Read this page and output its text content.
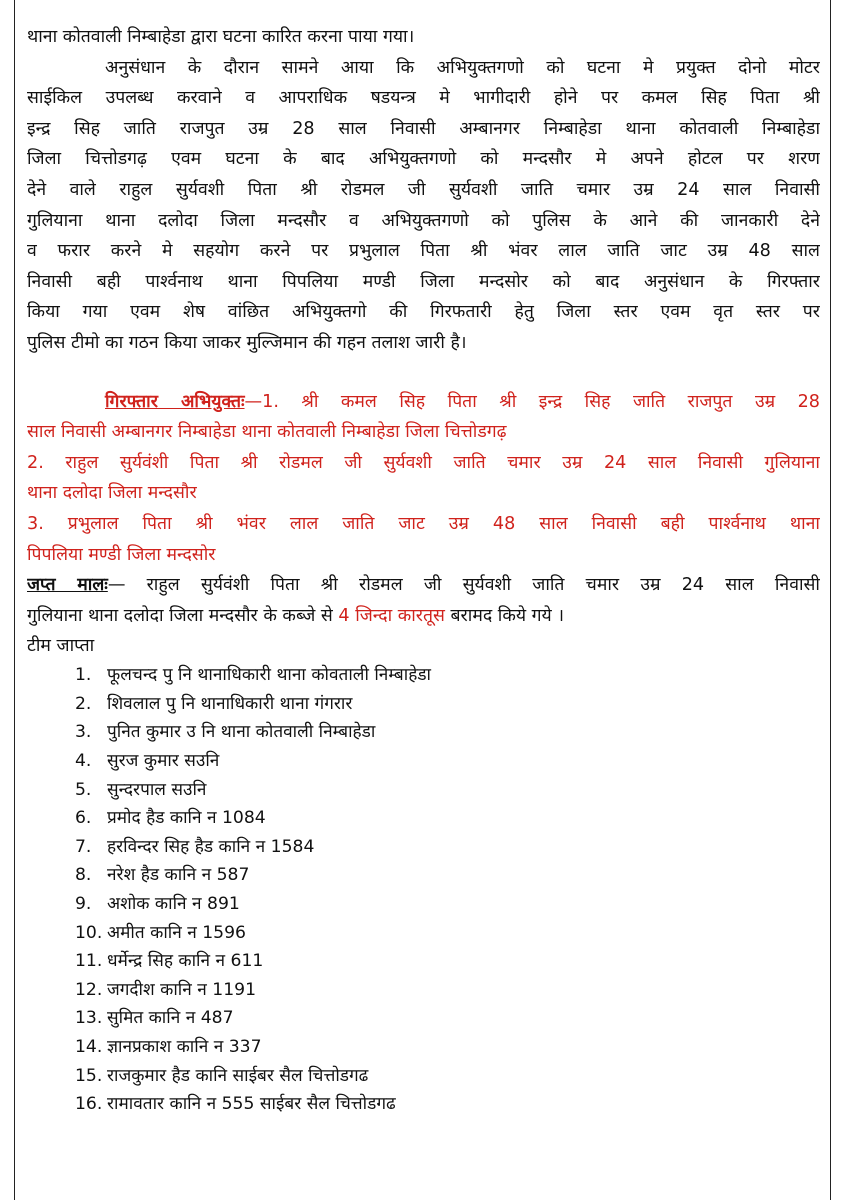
थाना कोतवाली निम्बाहेडा द्वारा घटना कारित करना पाया गया।
अनुसंधान के दौरान सामने आया कि अभियुक्तगणो को घटना मे प्रयुक्त दोनो मोटर
साईकिल उपलब्ध करवाने व आपराधिक षडयन्त्र मे भागीदारी होने पर कमल सिह पिता श्री
इन्द्र सिह जाति राजपुत उम्र 28 साल निवासी अम्बानगर निम्बाहेडा थाना कोतवाली निम्बाहेडा
जिला चित्तोडगढ़ एवम घटना के बाद अभियुक्तगणो को मन्दसौर मे अपने होटल पर शरण
देने वाले राहुल सुर्यवशी पिता श्री रोडमल जी सुर्यवशी जाति चमार उम्र 24 साल निवासी
गुलियाना थाना दलोदा जिला मन्दसौर व अभियुक्तगणो को पुलिस के आने की जानकारी देने
व फरार करने मे सहयोग करने पर प्रभुलाल पिता श्री भंवर लाल जाति जाट उम्र 48 साल
निवासी बही पार्श्वनाथ थाना पिपलिया मण्डी जिला मन्दसोर को बाद अनुसंधान के गिरफ्तार
किया गया एवम शेष वांछित अभियुक्तगो की गिरफतारी हेतु जिला स्तर एवम वृत स्तर पर
पुलिस टीमो का गठन किया जाकर मुल्जिमान की गहन तलाश जारी है।
गिरफ्तार अभियुक्तः—1. श्री कमल सिह पिता श्री इन्द्र सिह जाति राजपुत उम्र 28
साल निवासी अम्बानगर निम्बाहेडा थाना कोतवाली निम्बाहेडा जिला चित्तोडगढ़
2. राहुल सुर्यवंशी पिता श्री रोडमल जी सुर्यवशी जाति चमार उम्र 24 साल निवासी गुलियाना
थाना दलोदा जिला मन्दसौर
3. प्रभुलाल पिता श्री भंवर लाल जाति जाट उम्र 48 साल निवासी बही पार्श्वनाथ थाना
पिपलिया मण्डी जिला मन्दसोर
जप्त मालः— राहुल सुर्यवंशी पिता श्री रोडमल जी सुर्यवशी जाति चमार उम्र 24 साल निवासी
गुलियाना थाना दलोदा जिला मन्दसौर के कब्जे से 4 जिन्दा कारतूस बरामद किये गये ।
टीम जाप्ता
1. फूलचन्द पु नि थानाधिकारी थाना कोवताली निम्बाहेडा
2. शिवलाल पु नि थानाधिकारी थाना गंगरार
3. पुनित कुमार उ नि थाना कोतवाली निम्बाहेडा
4. सुरज कुमार सउनि
5. सुन्दरपाल सउनि
6. प्रमोद हैड कानि न 1084
7. हरविन्दर सिह हैड कानि न 1584
8. नरेश हैड कानि न 587
9. अशोक कानि न 891
10. अमीत कानि न 1596
11. धर्मेन्द्र सिह कानि न 611
12. जगदीश कानि न 1191
13. सुमित कानि न 487
14. ज्ञानप्रकाश कानि न 337
15. राजकुमार हैड कानि साईबर सैल चित्तोडगढ
16. रामावतार कानि न 555 साईबर सैल चित्तोडगढ
